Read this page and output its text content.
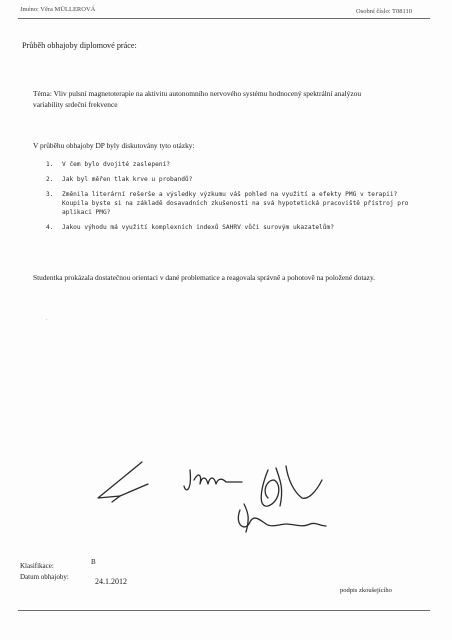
Jméno: Věra MÜLLEROVÁ	Osobní číslo: T08110
Průběh obhajoby diplomové práce:
Téma: Vliv pulsní magnetoterapie na aktivitu autonomního nervového systému hodnocený spektrální analýzou variability srdeční frekvence
V průběhu obhajoby DP byly diskutovány tyto otázky:
1.	V čem bylo dvojité zaslepení?
2.	Jak byl měřen tlak krve u probandů?
3.	Změnila literární rešerše a výsledky výzkumu váš pohled na využití a efekty PMG v terapii? Koupila byste si na základě dosavadních zkušeností na svá hypotetická pracoviště přístroj pro aplikaci PMG?
4.	Jakou výhodu má využití komplexních indexů SAHRV vůči surovým ukazatelům?
Studentka prokázala dostatečnou orientaci v dané problematice a reagovala správně a pohotově na položené dotazy.
.
Klasifikace:	B
Datum obhajoby:	24.1.2012
podpis zkoušejícího
